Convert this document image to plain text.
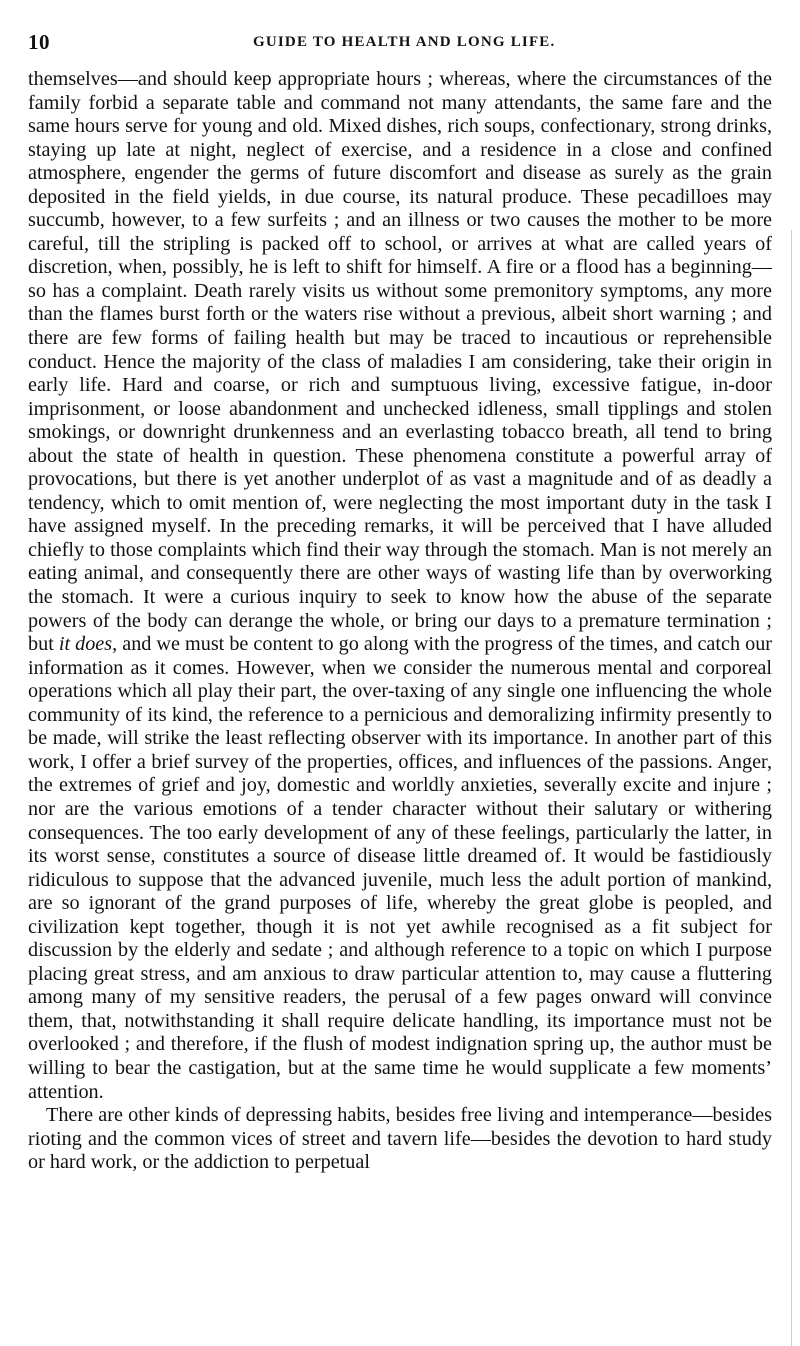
10	GUIDE TO HEALTH AND LONG LIFE.

themselves—and should keep appropriate hours ; whereas, where the circumstances of the family forbid a separate table and command not many attendants, the same fare and the same hours serve for young and old. Mixed dishes, rich soups, confectionary, strong drinks, staying up late at night, neglect of exercise, and a residence in a close and confined atmosphere, engender the germs of future discomfort and disease as surely as the grain deposited in the field yields, in due course, its natural produce. These pecadilloes may succumb, however, to a few surfeits ; and an illness or two causes the mother to be more careful, till the stripling is packed off to school, or arrives at what are called years of discretion, when, possibly, he is left to shift for himself. A fire or a flood has a beginning—so has a complaint. Death rarely visits us without some premonitory symptoms, any more than the flames burst forth or the waters rise without a previous, albeit short warning ; and there are few forms of failing health but may be traced to incautious or reprehensible conduct. Hence the majority of the class of maladies I am considering, take their origin in early life. Hard and coarse, or rich and sumptuous living, excessive fatigue, in-door imprisonment, or loose abandonment and unchecked idleness, small tipplings and stolen smokings, or downright drunkenness and an everlasting tobacco breath, all tend to bring about the state of health in question. These phenomena constitute a powerful array of provocations, but there is yet another underplot of as vast a magnitude and of as deadly a tendency, which to omit mention of, were neglecting the most important duty in the task I have assigned myself. In the preceding remarks, it will be perceived that I have alluded chiefly to those complaints which find their way through the stomach. Man is not merely an eating animal, and consequently there are other ways of wasting life than by overworking the stomach. It were a curious inquiry to seek to know how the abuse of the separate powers of the body can derange the whole, or bring our days to a premature termination ; but it does, and we must be content to go along with the progress of the times, and catch our information as it comes. However, when we consider the numerous mental and corporeal operations which all play their part, the over-taxing of any single one influencing the whole community of its kind, the reference to a pernicious and demoralizing infirmity presently to be made, will strike the least reflecting observer with its importance. In another part of this work, I offer a brief survey of the properties, offices, and influences of the passions. Anger, the extremes of grief and joy, domestic and worldly anxieties, severally excite and injure ; nor are the various emotions of a tender character without their salutary or withering consequences. The too early development of any of these feelings, particularly the latter, in its worst sense, constitutes a source of disease little dreamed of. It would be fastidiously ridiculous to suppose that the advanced juvenile, much less the adult portion of mankind, are so ignorant of the grand purposes of life, whereby the great globe is peopled, and civilization kept together, though it is not yet awhile recognised as a fit subject for discussion by the elderly and sedate ; and although reference to a topic on which I purpose placing great stress, and am anxious to draw particular attention to, may cause a fluttering among many of my sensitive readers, the perusal of a few pages onward will convince them, that, notwithstanding it shall require delicate handling, its importance must not be overlooked ; and therefore, if the flush of modest indignation spring up, the author must be willing to bear the castigation, but at the same time he would supplicate a few moments’ attention.

There are other kinds of depressing habits, besides free living and intemperance—besides rioting and the common vices of street and tavern life—besides the devotion to hard study or hard work, or the addiction to perpetual
